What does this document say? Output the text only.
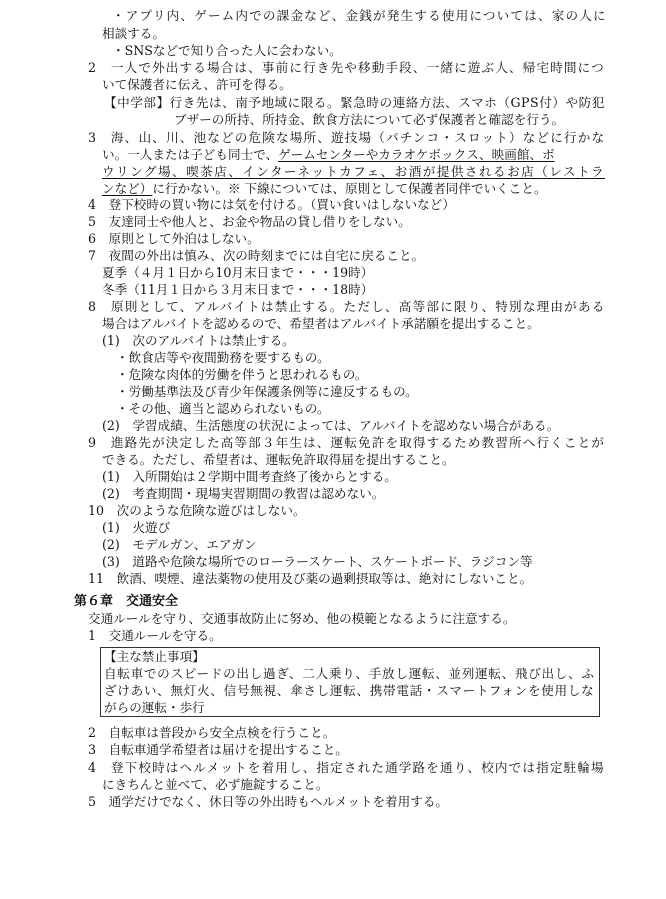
・アプリ内、ゲーム内での課金など、金銭が発生する使用については、家の人に
相談する。
・SNSなどで知り合った人に会わない。
2　一人で外出する場合は、事前に行き先や移動手段、一緒に遊ぶ人、帰宅時間につ
いて保護者に伝え、許可を得る。
【中学部】行き先は、南予地域に限る。緊急時の連絡方法、スマホ（GPS付）や防犯
ブザーの所持、所持金、飲食方法について必ず保護者と確認を行う。
3　海、山、川、池などの危険な場所、遊技場（パチンコ・スロット）などに行かな
い。一人または子ども同士で、ゲームセンターやカラオケボックス、映画館、ボ
ウリング場、喫茶店、インターネットカフェ、お酒が提供されるお店（レストラ
ンなど）に行かない。※ 下線については、原則として保護者同伴でいくこと。
4　登下校時の買い物には気を付ける。（買い食いはしないなど）
5　友達同士や他人と、お金や物品の貸し借りをしない。
6　原則として外泊はしない。
7　夜間の外出は慎み、次の時刻までには自宅に戻ること。
夏季（４月１日から10月末日まで・・・19時）
冬季（11月１日から３月末日まで・・・18時）
8　原則として、アルバイトは禁止する。ただし、高等部に限り、特別な理由がある
場合はアルバイトを認めるので、希望者はアルバイト承諾願を提出すること。
(1)　次のアルバイトは禁止する。
・飲食店等や夜間勤務を要するもの。
・危険な肉体的労働を伴うと思われるもの。
・労働基準法及び青少年保護条例等に違反するもの。
・その他、適当と認められないもの。
(2)　学習成績、生活態度の状況によっては、アルバイトを認めない場合がある。
9　進路先が決定した高等部３年生は、運転免許を取得するため教習所へ行くことが
できる。ただし、希望者は、運転免許取得届を提出すること。
(1)　入所開始は２学期中間考査終了後からとする。
(2)　考査期間・現場実習期間の教習は認めない。
10　次のような危険な遊びはしない。
(1)　火遊び
(2)　モデルガン、エアガン
(3)　道路や危険な場所でのローラースケート、スケートボード、ラジコン等
11　飲酒、喫煙、違法薬物の使用及び薬の過剰摂取等は、絶対にしないこと。
第６章　交通安全
交通ルールを守り、交通事故防止に努め、他の模範となるように注意する。
1　交通ルールを守る。
【主な禁止事項】
自転車でのスピードの出し過ぎ、二人乗り、手放し運転、並列運転、飛び出し、ふ
ざけあい、無灯火、信号無視、傘さし運転、携帯電話・スマートフォンを使用しな
がらの運転・歩行
2　自転車は普段から安全点検を行うこと。
3　自転車通学希望者は届けを提出すること。
4　登下校時はヘルメットを着用し、指定された通学路を通り、校内では指定駐輪場
にきちんと並べて、必ず施錠すること。
5　通学だけでなく、休日等の外出時もヘルメットを着用する。
